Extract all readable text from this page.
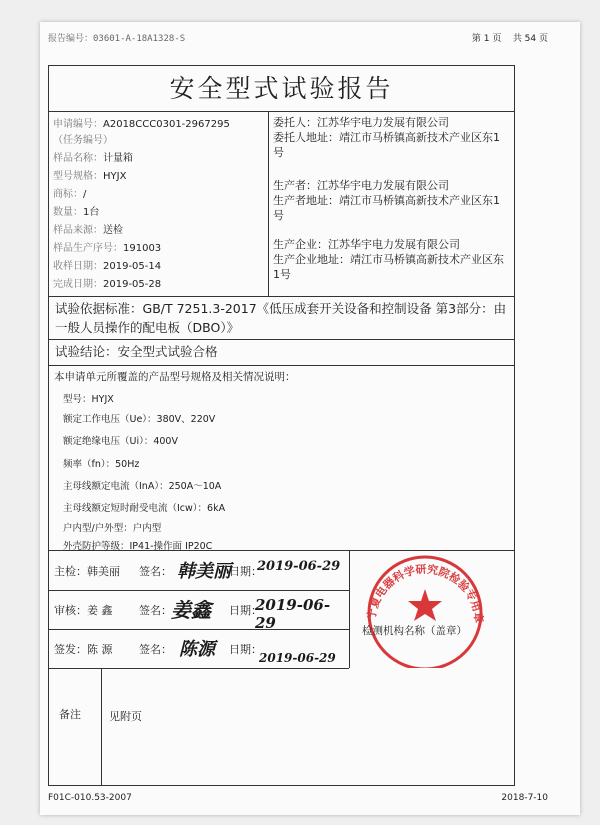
报告编号：03601-A-18A1328-S	第 1 页 共 54 页
安全型式试验报告
申请编号：A2018CCC0301-2967295
（任务编号）
样品名称：计量箱
型号规格：HYJX
商标：/
数量：1台
样品来源：送检
样品生产序号：191003
收样日期：2019-05-14
完成日期：2019-05-28
委托人：江苏华宇电力发展有限公司
委托人地址：靖江市马桥镇高新技术产业区东1号
生产者：江苏华宇电力发展有限公司
生产者地址：靖江市马桥镇高新技术产业区东1号
生产企业：江苏华宇电力发展有限公司
生产企业地址：靖江市马桥镇高新技术产业区东1号
试验依据标准：GB/T 7251.3-2017《低压成套开关设备和控制设备 第3部分：由一般人员操作的配电板（DBO）》
试验结论：安全型式试验合格
本申请单元所覆盖的产品型号规格及相关情况说明：
型号：HYJX
额定工作电压（Ue）：380V、220V
额定绝缘电压（Ui）：400V
频率（fn）：50Hz
主母线额定电流（InA）：250A～10A
主母线额定短时耐受电流（Icw）：6kA
户内型/户外型：户内型
外壳防护等级：IP41-操作面 IP20C
主检： 韩美丽 签名： 韩美丽
日期：
2019-06-29
审核： 姜 鑫 签名： 姜鑫 日期：
2019-06-29
签发： 陈 源 签名： 陈源 日期：
2019-06-29
宁夏电器科学研究院检验专用章
检测机构名称（盖章）
备注	见附页
F01C-010.53-2007	2018-7-10
